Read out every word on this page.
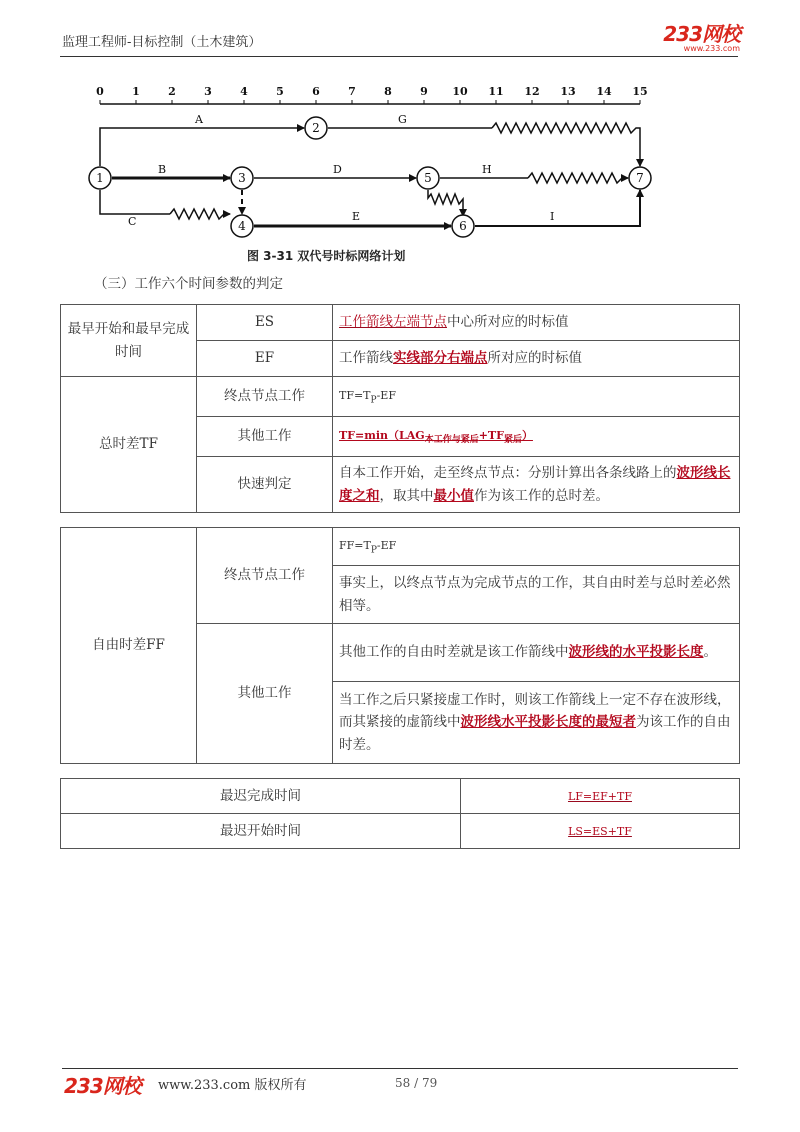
监理工程师-目标控制（土木建筑）	233网校
www.233.com
0	1	2	3	4	5	6	7	8	9 10 11 12 13 14 15
A	G
B	D	H
C	E	I
1
2
3
4
5
6
7
图 3-31 双代号时标网络计划
（三）工作六个时间参数的判定
最早开始和最早完成时间	ES	工作箭线左端节点中心所对应的时标值
	EF	工作箭线实线部分右端点所对应的时标值
总时差TF	终点节点工作	$TF=T_P-EF$
	其他工作	$TF=\min(LAG_{本工作与紧后}+TF_{紧后})$
	快速判定	自本工作开始，走至终点节点：分别计算出各条线路上的波形线长度之和，取其中最小值作为该工作的总时差。
自由时差FF	终点节点工作	$FF=T_P-EF$
		事实上，以终点节点为完成节点的工作，其自由时差与总时差必然相等。
	其他工作	其他工作的自由时差就是该工作箭线中波形线的水平投影长度。
		当工作之后只紧接虚工作时，则该工作箭线上一定不存在波形线，而其紧接的虚箭线中波形线水平投影长度的最短者为该工作的自由时差。
最迟完成时间	LF=EF+TF
最迟开始时间	LS=ES+TF
233网校 www.233.com 版权所有	58 / 79
